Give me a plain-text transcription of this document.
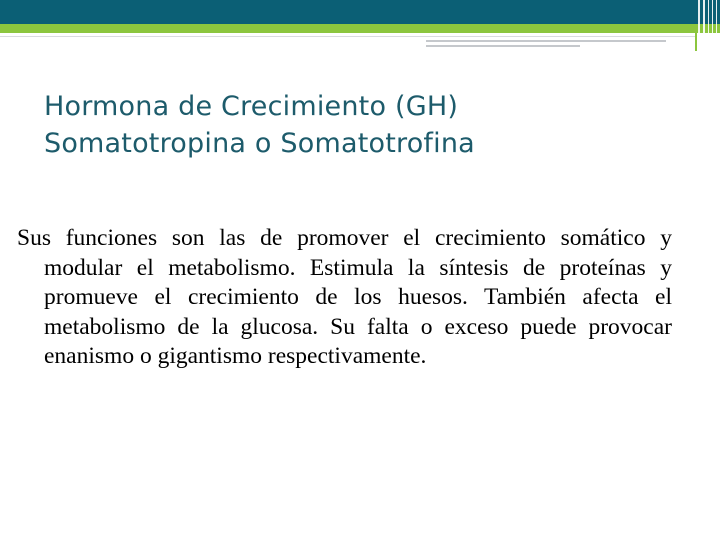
Hormona de Crecimiento (GH)
Somatotropina o Somatotrofina

Sus funciones son las de promover el crecimiento somático y modular el metabolismo. Estimula la síntesis de proteínas y promueve el crecimiento de los huesos. También afecta el metabolismo de la glucosa. Su falta o exceso puede provocar enanismo o gigantismo respectivamente.
